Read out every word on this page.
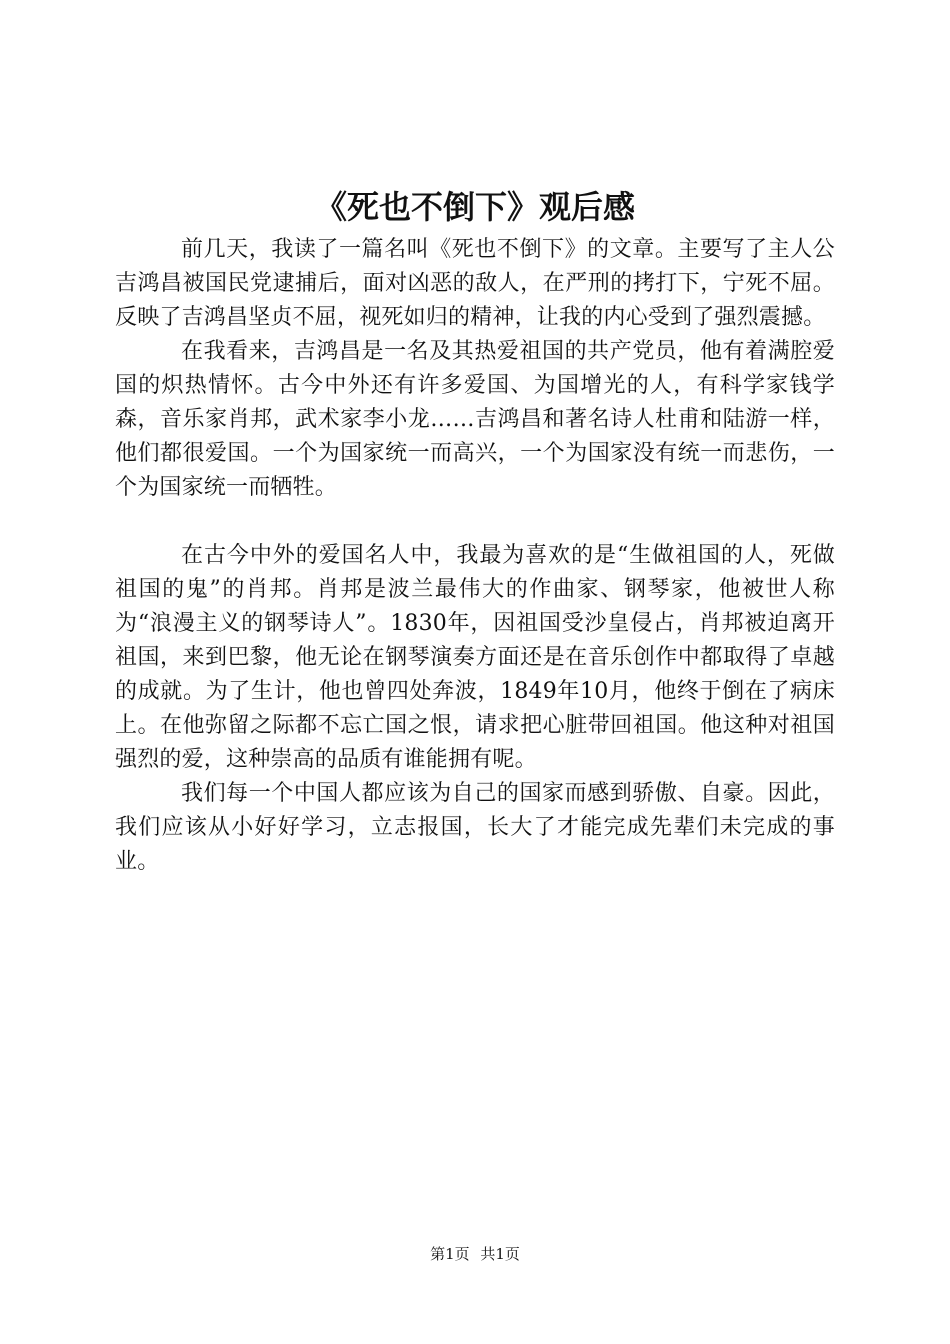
《死也不倒下》观后感

前几天，我读了一篇名叫《死也不倒下》的文章。主要写了主人公吉鸿昌被国民党逮捕后，面对凶恶的敌人，在严刑的拷打下，宁死不屈。反映了吉鸿昌坚贞不屈，视死如归的精神，让我的内心受到了强烈震撼。

在我看来，吉鸿昌是一名及其热爱祖国的共产党员，他有着满腔爱国的炽热情怀。古今中外还有许多爱国、为国增光的人，有科学家钱学森，音乐家肖邦，武术家李小龙……吉鸿昌和著名诗人杜甫和陆游一样，他们都很爱国。一个为国家统一而高兴，一个为国家没有统一而悲伤，一个为国家统一而牺牲。

在古今中外的爱国名人中，我最为喜欢的是“生做祖国的人，死做祖国的鬼”的肖邦。肖邦是波兰最伟大的作曲家、钢琴家，他被世人称为“浪漫主义的钢琴诗人”。1830年，因祖国受沙皇侵占，肖邦被迫离开祖国，来到巴黎，他无论在钢琴演奏方面还是在音乐创作中都取得了卓越的成就。为了生计，他也曾四处奔波，1849年10月，他终于倒在了病床上。在他弥留之际都不忘亡国之恨，请求把心脏带回祖国。他这种对祖国强烈的爱，这种崇高的品质有谁能拥有呢。

我们每一个中国人都应该为自己的国家而感到骄傲、自豪。因此，我们应该从小好好学习，立志报国，长大了才能完成先辈们未完成的事业。

第1页 共1页
